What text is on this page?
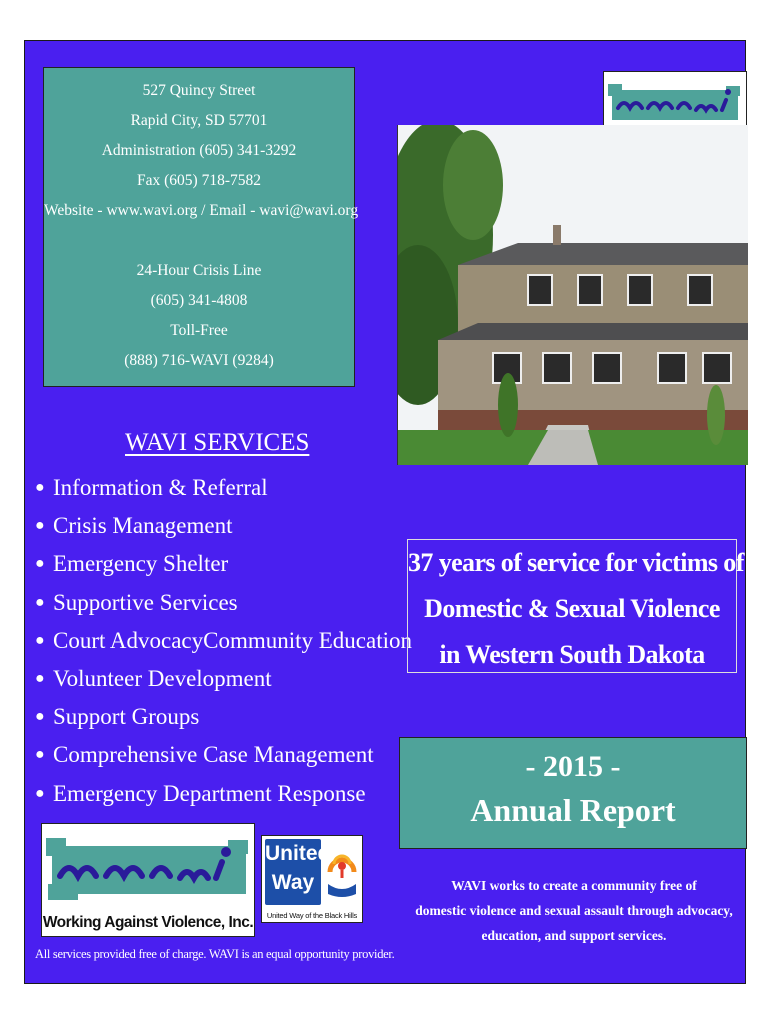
527 Quincy Street
Rapid City, SD 57701
Administration (605) 341-3292
Fax (605) 718-7582
Website - www.wavi.org / Email - wavi@wavi.org
24-Hour Crisis Line
(605) 341-4808
Toll-Free
(888) 716-WAVI (9284)
WAVI SERVICES
● Information & Referral
● Crisis Management
● Emergency Shelter
● Supportive Services
● Court AdvocacyCommunity Education
● Volunteer Development
● Support Groups
● Comprehensive Case Management
● Emergency Department Response
37 years of service for victims of
Domestic & Sexual Violence
in Western South Dakota
- 2015 -
Annual Report
WAVI works to create a community free of
domestic violence and sexual assault through advocacy,
education, and support services.
Working Against Violence, Inc.
United
Way
United Way of the Black Hills
All services provided free of charge. WAVI is an equal opportunity provider.
